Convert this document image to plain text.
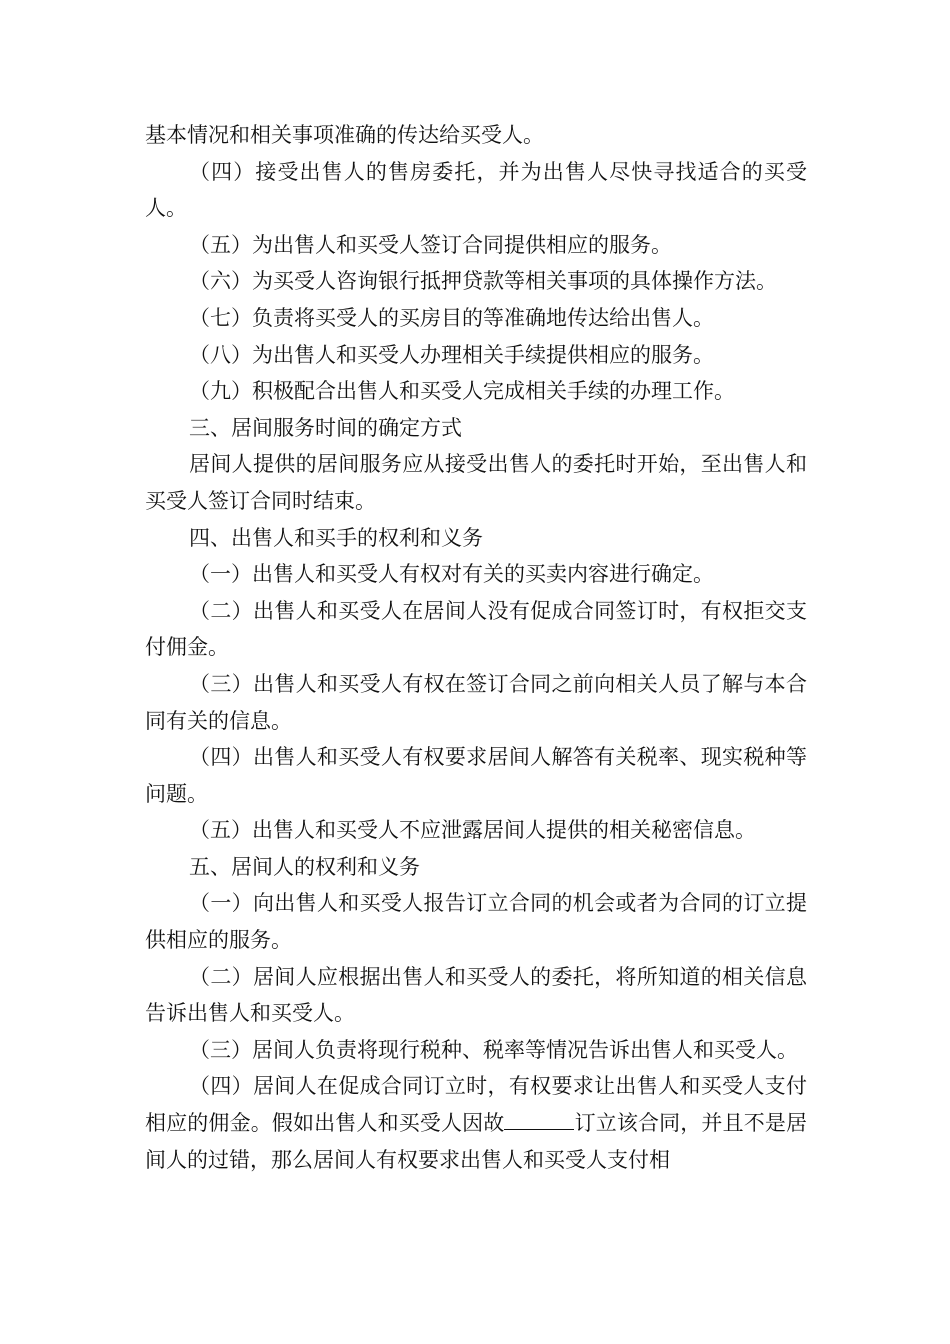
基本情况和相关事项准确的传达给买受人。

（四）接受出售人的售房委托，并为出售人尽快寻找适合的买受人。

（五）为出售人和买受人签订合同提供相应的服务。

（六）为买受人咨询银行抵押贷款等相关事项的具体操作方法。

（七）负责将买受人的买房目的等准确地传达给出售人。

（八）为出售人和买受人办理相关手续提供相应的服务。

（九）积极配合出售人和买受人完成相关手续的办理工作。

三、居间服务时间的确定方式

居间人提供的居间服务应从接受出售人的委托时开始，至出售人和买受人签订合同时结束。

四、出售人和买手的权利和义务

（一）出售人和买受人有权对有关的买卖内容进行确定。

（二）出售人和买受人在居间人没有促成合同签订时，有权拒交支付佣金。

（三）出售人和买受人有权在签订合同之前向相关人员了解与本合同有关的信息。

（四）出售人和买受人有权要求居间人解答有关税率、现实税种等问题。

（五）出售人和买受人不应泄露居间人提供的相关秘密信息。

五、居间人的权利和义务

（一）向出售人和买受人报告订立合同的机会或者为合同的订立提供相应的服务。

（二）居间人应根据出售人和买受人的委托，将所知道的相关信息告诉出售人和买受人。

（三）居间人负责将现行税种、税率等情况告诉出售人和买受人。

（四）居间人在促成合同订立时，有权要求让出售人和买受人支付相应的佣金。假如出售人和买受人因故	订立该合同，并且不是居间人的过错，那么居间人有权要求出售人和买受人支付相
